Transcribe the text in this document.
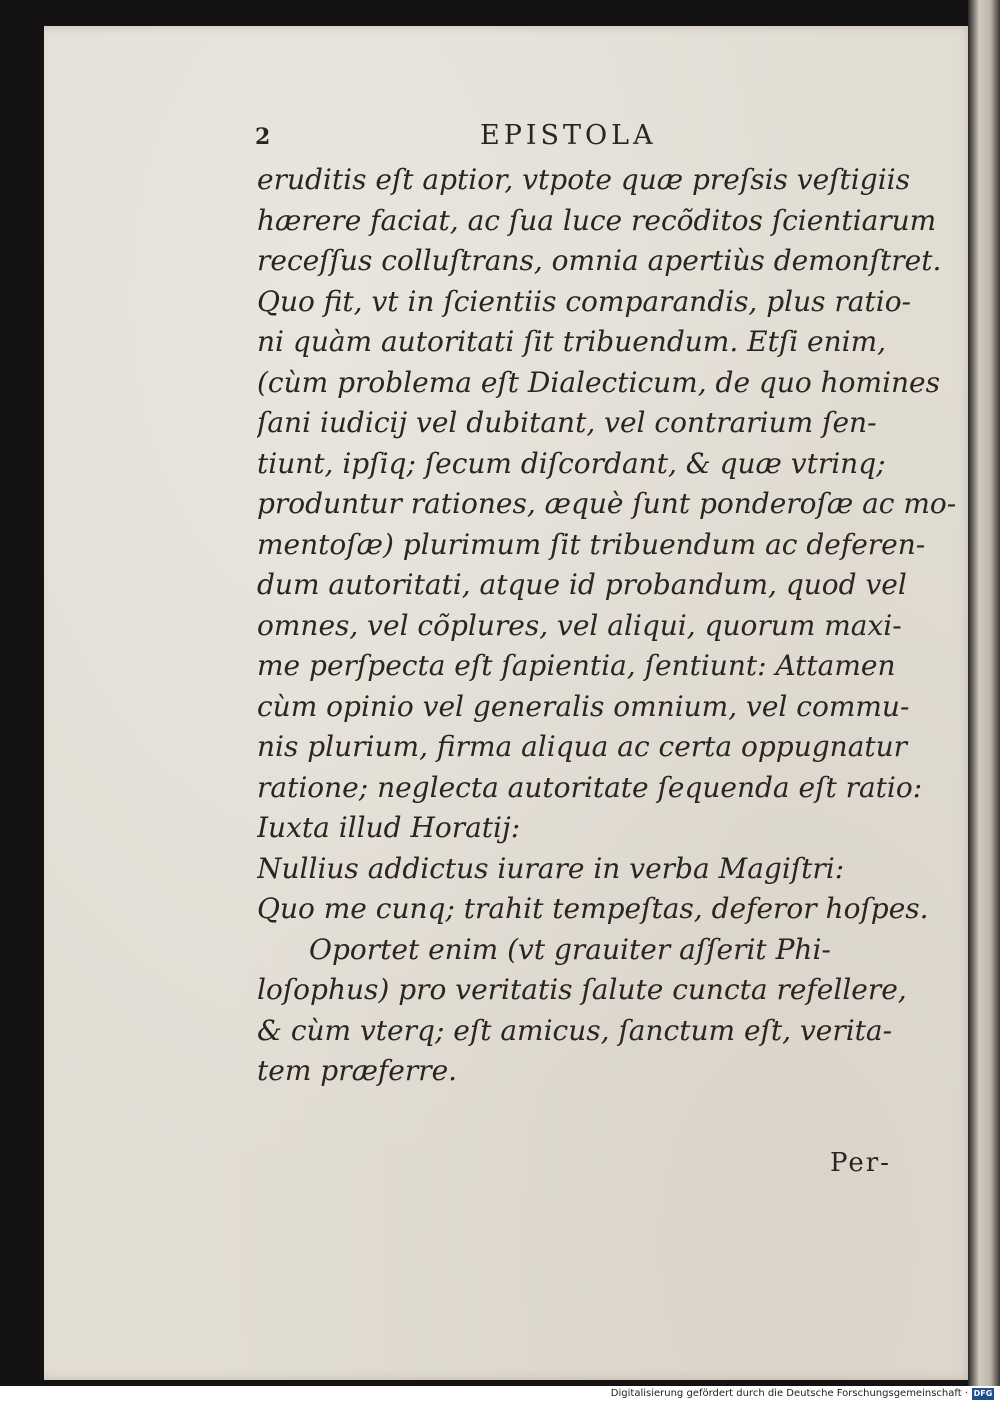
2	EPISTOLA
eruditis eſt aptior, vtpote quæ preſsis veſtigiis
hærere faciat, ac ſua luce recõditos ſcientiarum
receſſus colluſtrans, omnia apertiùs demonſtret.
Quo fit, vt in ſcientiis comparandis, plus ratio-
ni quàm autoritati ſit tribuendum. Etſi enim,
(cùm problema eſt Dialecticum, de quo homines
ſani iudicij vel dubitant, vel contrarium ſen-
tiunt, ipſiq; ſecum diſcordant, & quæ vtrinq;
produntur rationes, æquè ſunt ponderoſæ ac mo-
mentoſæ) plurimum ſit tribuendum ac deferen-
dum autoritati, atque id probandum, quod vel
omnes, vel cõplures, vel aliqui, quorum maxi-
me perſpecta eſt ſapientia, ſentiunt: Attamen
cùm opinio vel generalis omnium, vel commu-
nis plurium, firma aliqua ac certa oppugnatur
ratione; neglecta autoritate ſequenda eſt ratio:
Iuxta illud Horatij:
Nullius addictus iurare in verba Magiſtri:
Quo me cunq; trahit tempeſtas, deferor hoſpes.
Oportet enim (vt grauiter aſſerit Phi-
loſophus) pro veritatis ſalute cuncta refellere,
& cùm vterq; eſt amicus, ſanctum eſt, verita-
tem præferre.
Per-
Digitalisierung gefördert durch die Deutsche Forschungsgemeinschaft · DFG
